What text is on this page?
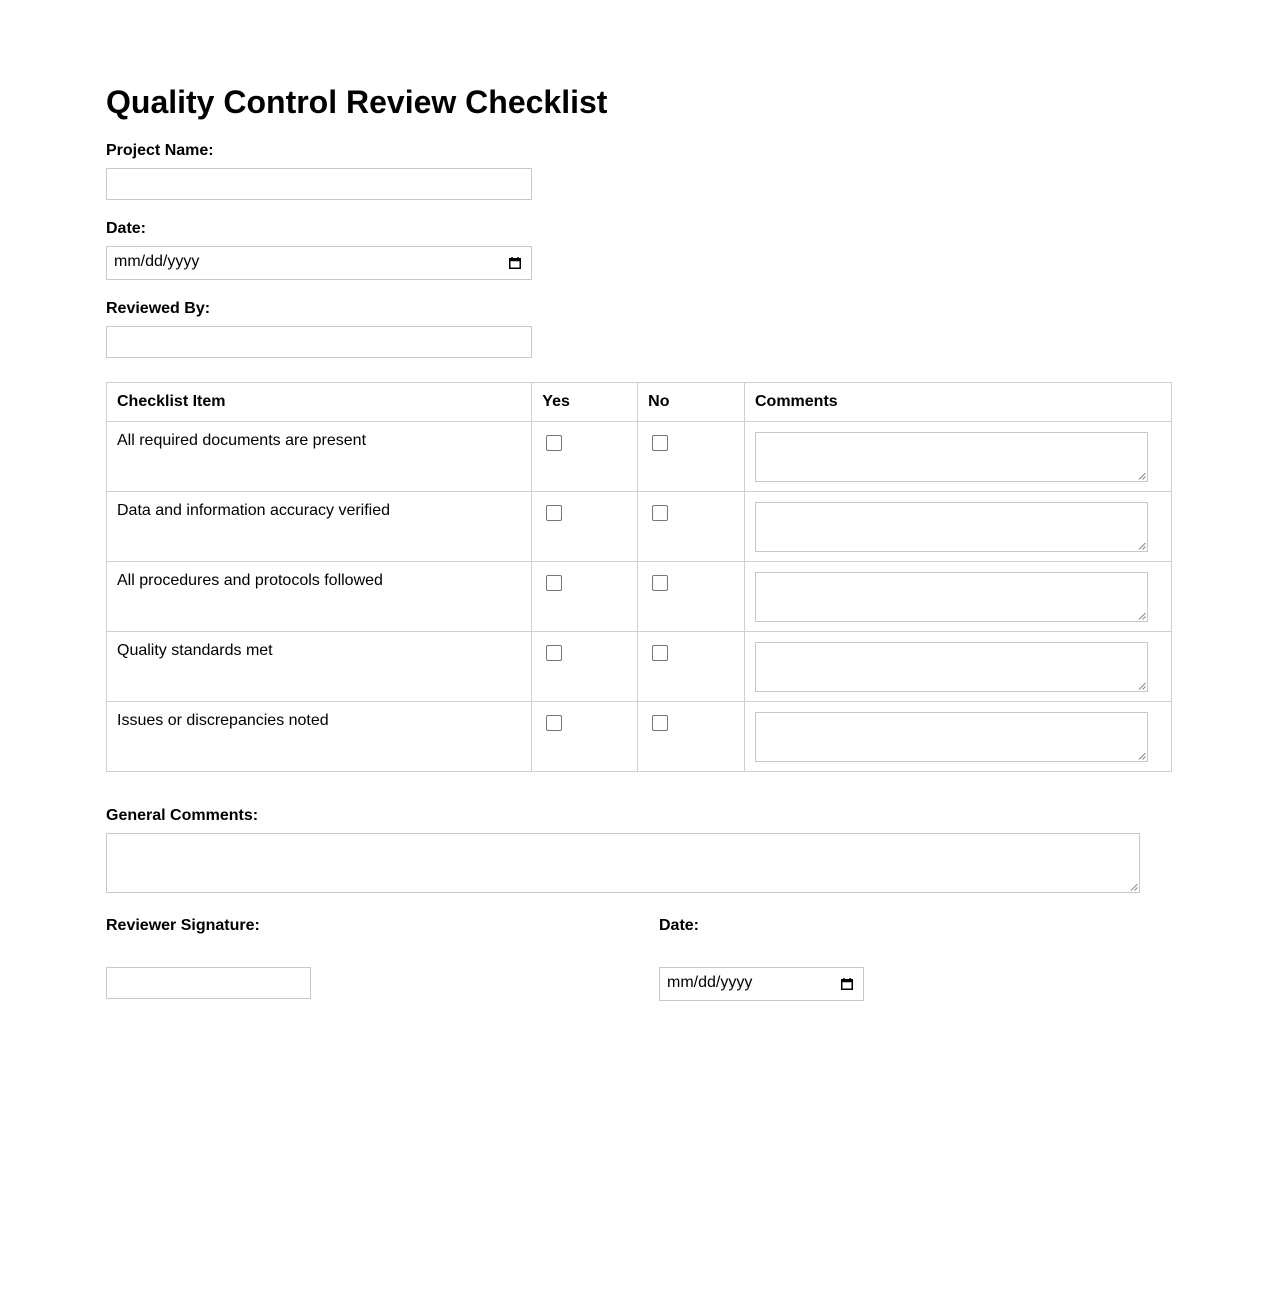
Quality Control Review Checklist
Project Name:
Date:
mm/dd/yyyy
Reviewed By:
Checklist Item	Yes	No	Comments

All required documents are present

Data and information accuracy verified

All procedures and protocols followed

Quality standards met

Issues or discrepancies noted

General Comments:
Reviewer Signature:	Date:
mm/dd/yyyy
